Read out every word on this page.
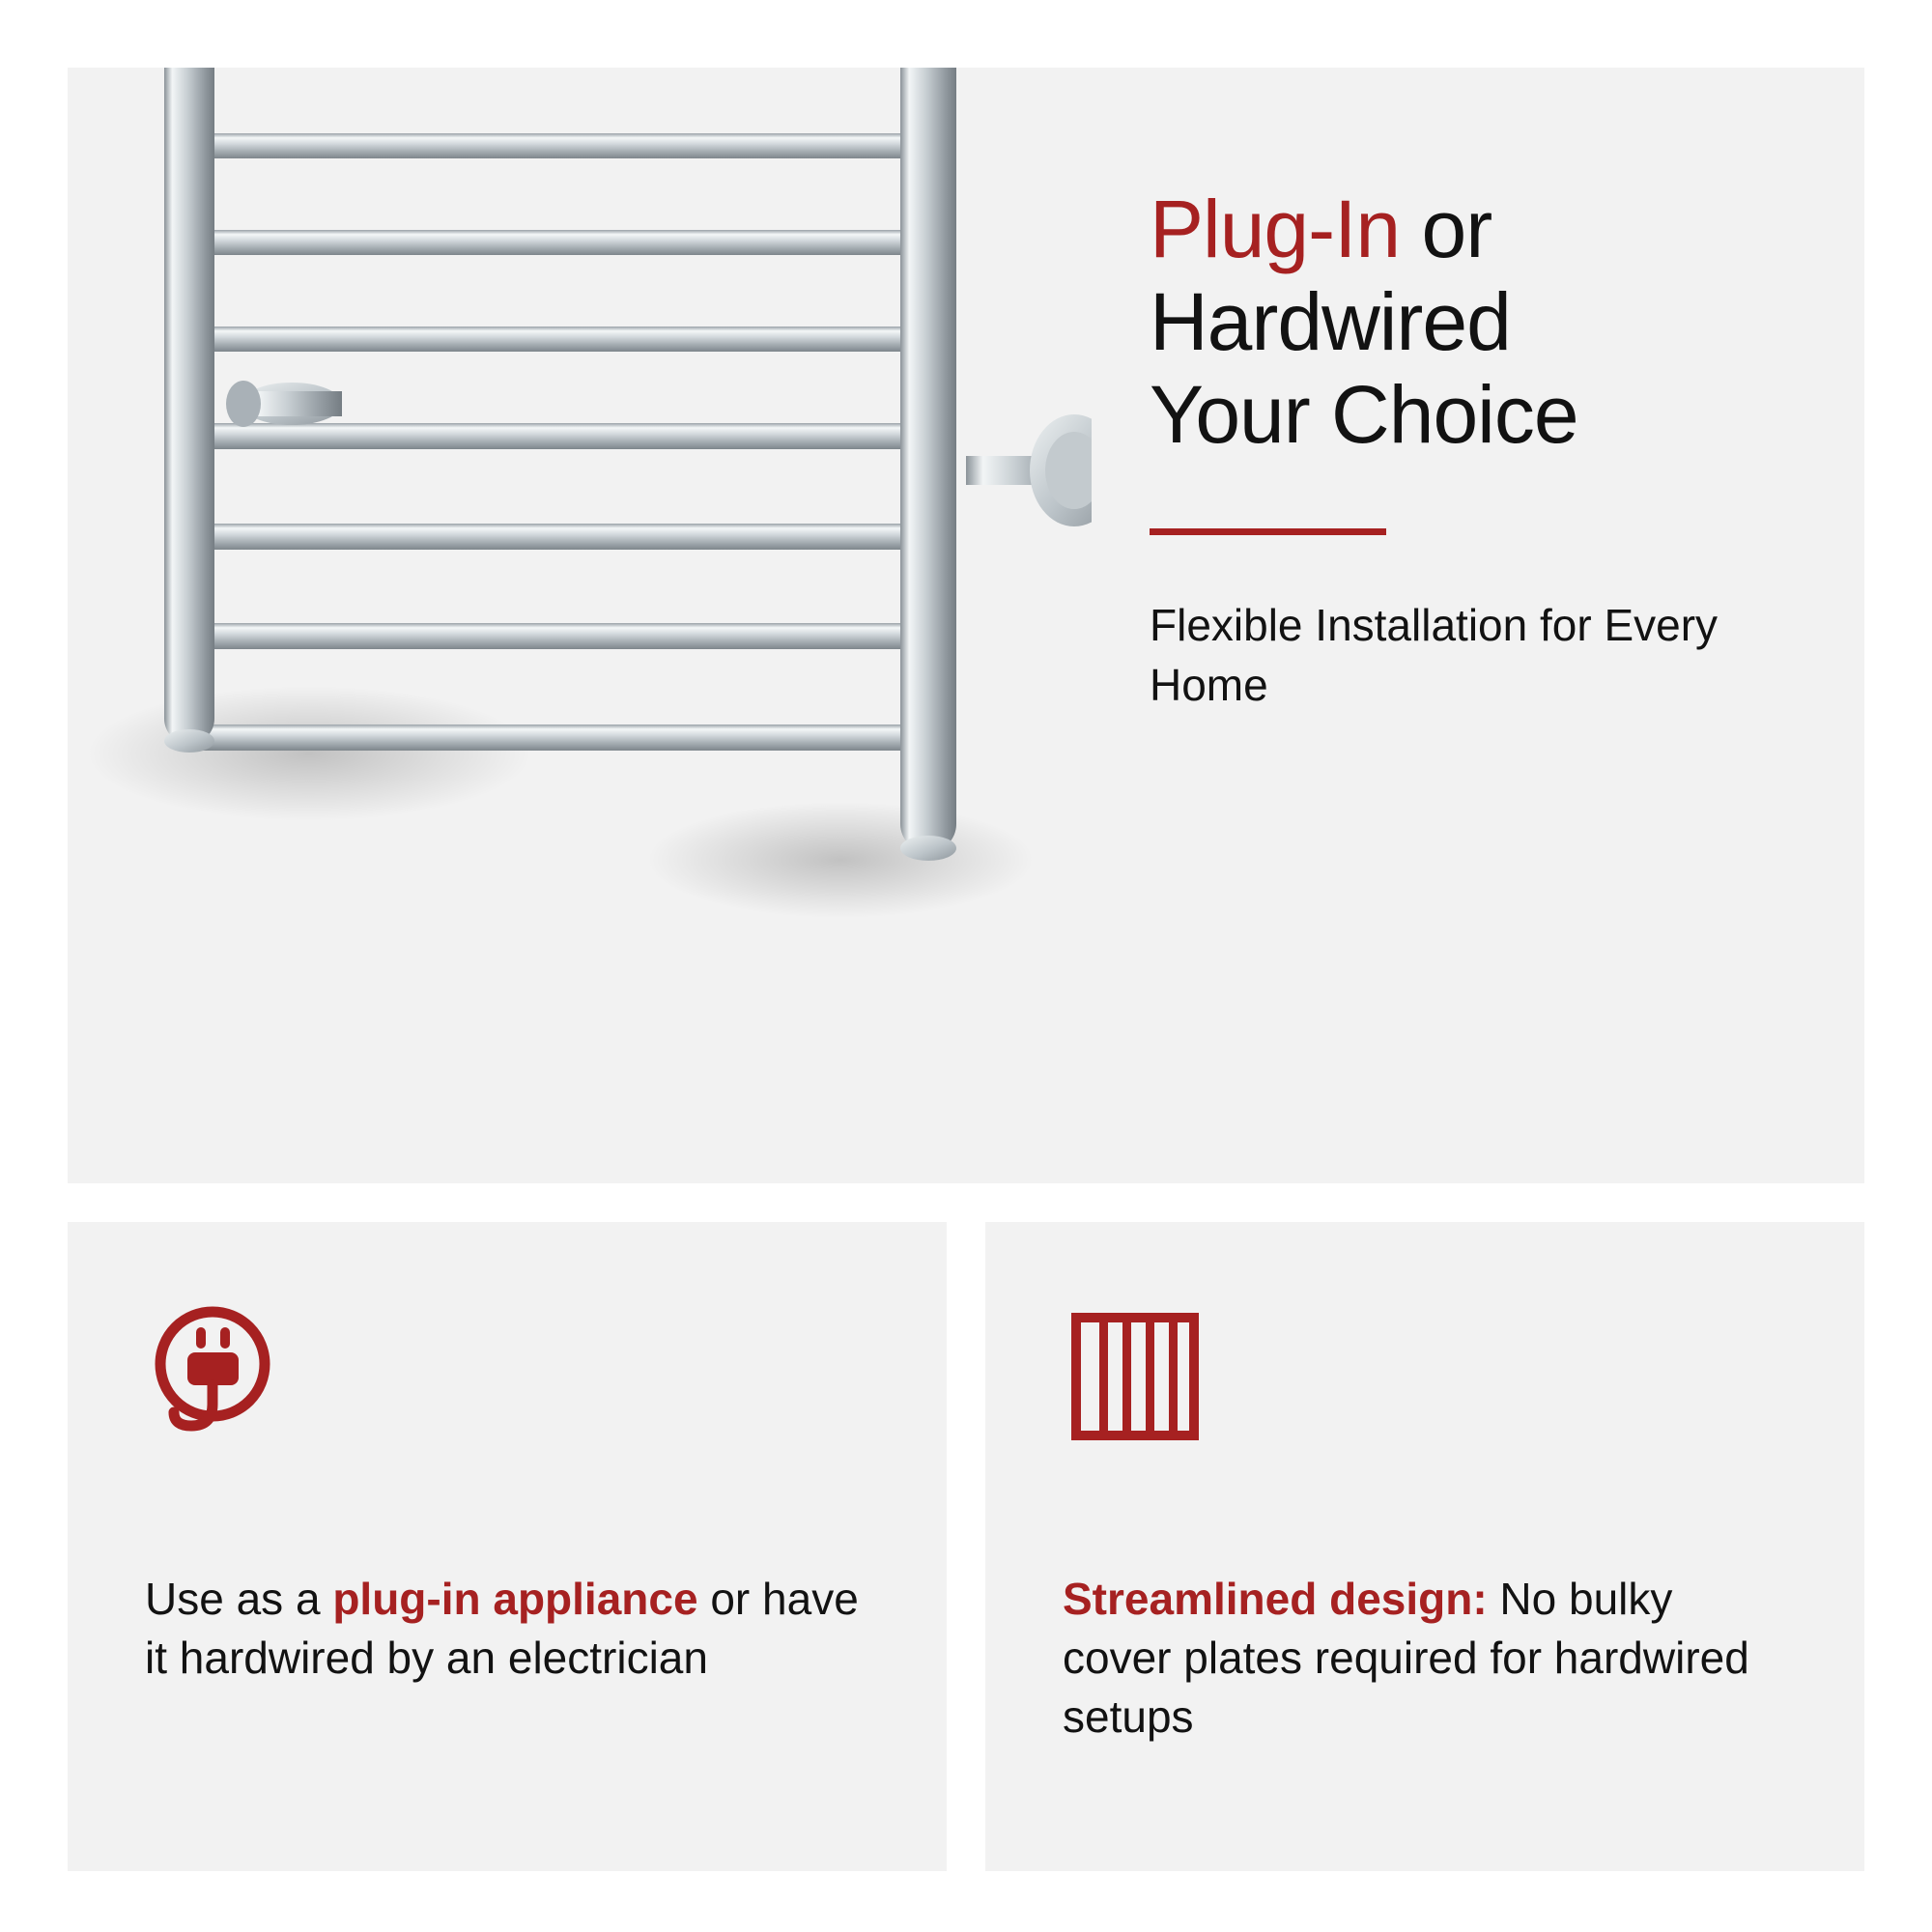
Plug-In or
Hardwired
Your Choice

Flexible Installation for Every Home

Use as a plug-in appliance or have it hardwired by an electrician

Streamlined design: No bulky cover plates required for hardwired setups
